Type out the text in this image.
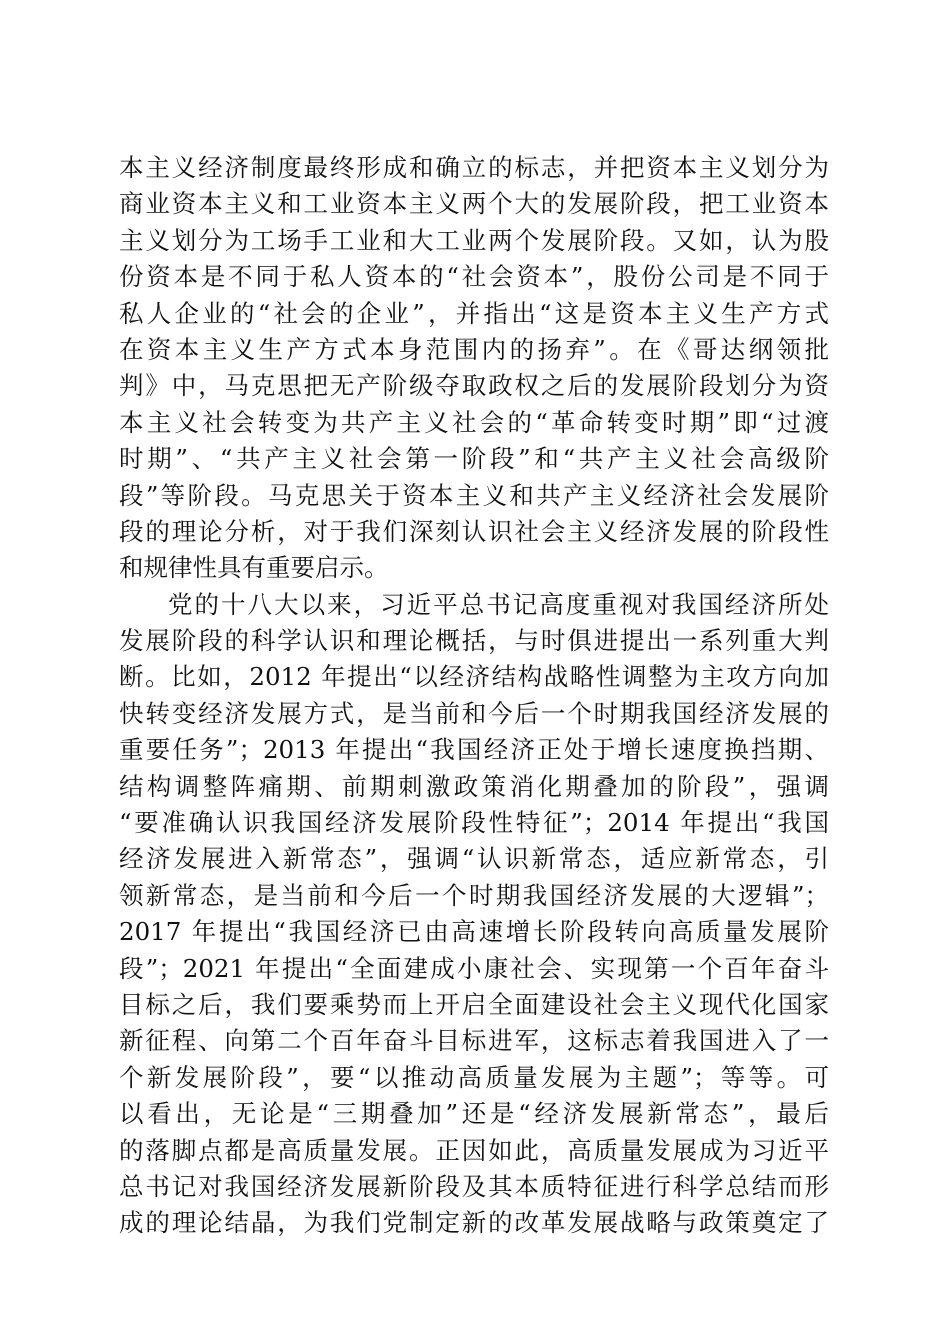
本主义经济制度最终形成和确立的标志，并把资本主义划分为
商业资本主义和工业资本主义两个大的发展阶段，把工业资本
主义划分为工场手工业和大工业两个发展阶段。又如，认为股
份资本是不同于私人资本的“社会资本”，股份公司是不同于
私人企业的“社会的企业”，并指出“这是资本主义生产方式
在资本主义生产方式本身范围内的扬弃”。在《哥达纲领批
判》中，马克思把无产阶级夺取政权之后的发展阶段划分为资
本主义社会转变为共产主义社会的“革命转变时期”即“过渡
时期”、“共产主义社会第一阶段”和“共产主义社会高级阶
段”等阶段。马克思关于资本主义和共产主义经济社会发展阶
段的理论分析，对于我们深刻认识社会主义经济发展的阶段性
和规律性具有重要启示。
党的十八大以来，习近平总书记高度重视对我国经济所处
发展阶段的科学认识和理论概括，与时俱进提出一系列重大判
断。比如，2012 年提出“以经济结构战略性调整为主攻方向加
快转变经济发展方式，是当前和今后一个时期我国经济发展的
重要任务”；2013 年提出“我国经济正处于增长速度换挡期、
结构调整阵痛期、前期刺激政策消化期叠加的阶段”，强调
“要准确认识我国经济发展阶段性特征”；2014 年提出“我国
经济发展进入新常态”，强调“认识新常态，适应新常态，引
领新常态，是当前和今后一个时期我国经济发展的大逻辑”；
2017 年提出“我国经济已由高速增长阶段转向高质量发展阶
段”；2021 年提出“全面建成小康社会、实现第一个百年奋斗
目标之后，我们要乘势而上开启全面建设社会主义现代化国家
新征程、向第二个百年奋斗目标进军，这标志着我国进入了一
个新发展阶段”，要“以推动高质量发展为主题”；等等。可
以看出，无论是“三期叠加”还是“经济发展新常态”，最后
的落脚点都是高质量发展。正因如此，高质量发展成为习近平
总书记对我国经济发展新阶段及其本质特征进行科学总结而形
成的理论结晶，为我们党制定新的改革发展战略与政策奠定了
